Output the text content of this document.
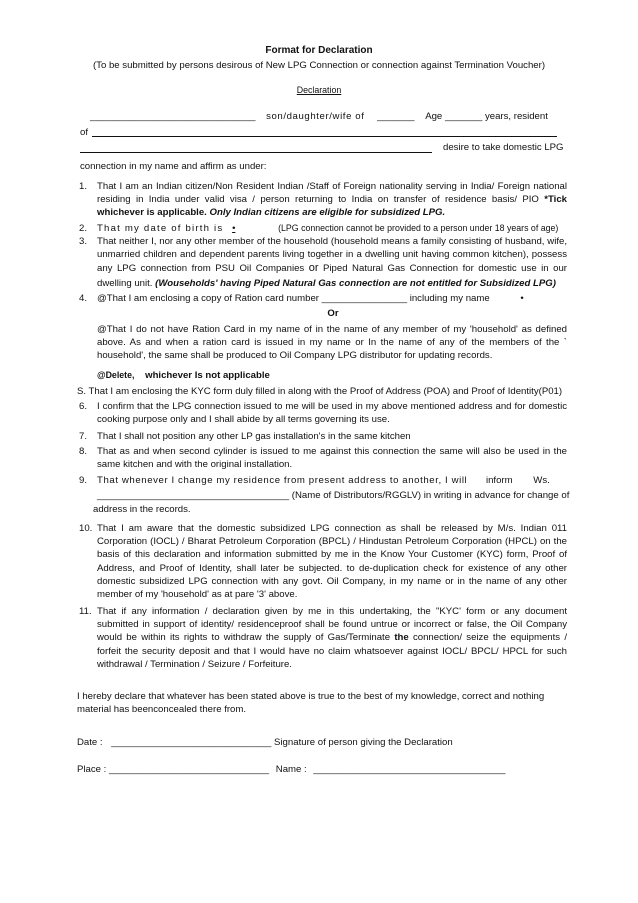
Format for Declaration
(To be submitted by persons desirous of New LPG Connection or connection against Termination Voucher)
Declaration
_______________________________ son/daughter/wife of _______ Age _______ years, resident
of
desire to take domestic LPG
connection in my name and affirm as under:
1. That I am an Indian citizen/Non Resident Indian /Staff of Foreign nationality serving in India/ Foreign national residing in India under valid visa / person returning to India on transfer of residence basis/ PIO *Tick whichever is applicable. Only Indian citizens are eligible for subsidized LPG.
2. That my date of birth is •	(LPG connection cannot be provided to a person under 18 years of age)
3. That neither I, nor any other member of the household (household means a family consisting of husband, wife, unmarried children and dependent parents living together in a dwelling unit having common kitchen), possess any LPG connection from PSU Oil Companies or Piped Natural Gas Connection for domestic use in our dwelling unit. (Wouseholds' having Piped Natural Gas connection are not entitled for Subsidized LPG)
4. @That I am enclosing a copy of Ration card number ________________ including my name	•
Or
@That I do not have Ration Card in my name of in the name of any member of my 'household' as defined above. As and when a ration card is issued in my name or In the name of any of the members of the ` household', the same shall be produced to Oil Company LPG distributor for updating records.
@Delete, whichever Is not applicable
S. That I am enclosing the KYC form duly filled in along with the Proof of Address (POA) and Proof of Identity(P01)
6. I confirm that the LPG connection issued to me will be used in my above mentioned address and for domestic cooking purpose only and I shall abide by all terms governing its use.
7. That I shall not position any other LP gas installation's in the same kitchen
8. That as and when second cylinder is issued to me against this connection the same will also be used in the same kitchen and with the original installation.
9. That whenever I change my residence from present address to another, I will inform Ws.
____________________________________ (Name of Distributors/RGGLV) in writing in advance for change of
address in the records.
10. That I am aware that the domestic subsidized LPG connection as shall be released by M/s. Indian 011 Corporation (IOCL) / Bharat Petroleum Corporation (BPCL) / Hindustan Petroleum Corporation (HPCL) on the basis of this declaration and information submitted by me in the Know Your Customer (KYC) form, Proof of Address, and Proof of Identity, shall later be subjected. to de-duplication check for existence of any other domestic subsidized LPG connection with any govt. Oil Company, in my name or in the name of any other member of my 'household' as at pare '3' above.
11. That if any information / declaration given by me in this undertaking, the "KYC' form or any document submitted in support of identity/ residenceproof shall be found untrue or incorrect or false, the Oil Company would be within its rights to withdraw the supply of Gas/Terminate the connection/ seize the equipments / forfeit the security deposit and that I would have no claim whatsoever against IOCL/ BPCL/ HPCL for such withdrawal / Termination / Seizure / Forfeiture.
I hereby declare that whatever has been stated above is true to the best of my knowledge, correct and nothing material has beenconcealed there from.
Date : ______________________________ Signature of person giving the Declaration
Place : ______________________________ Name : ____________________________________
